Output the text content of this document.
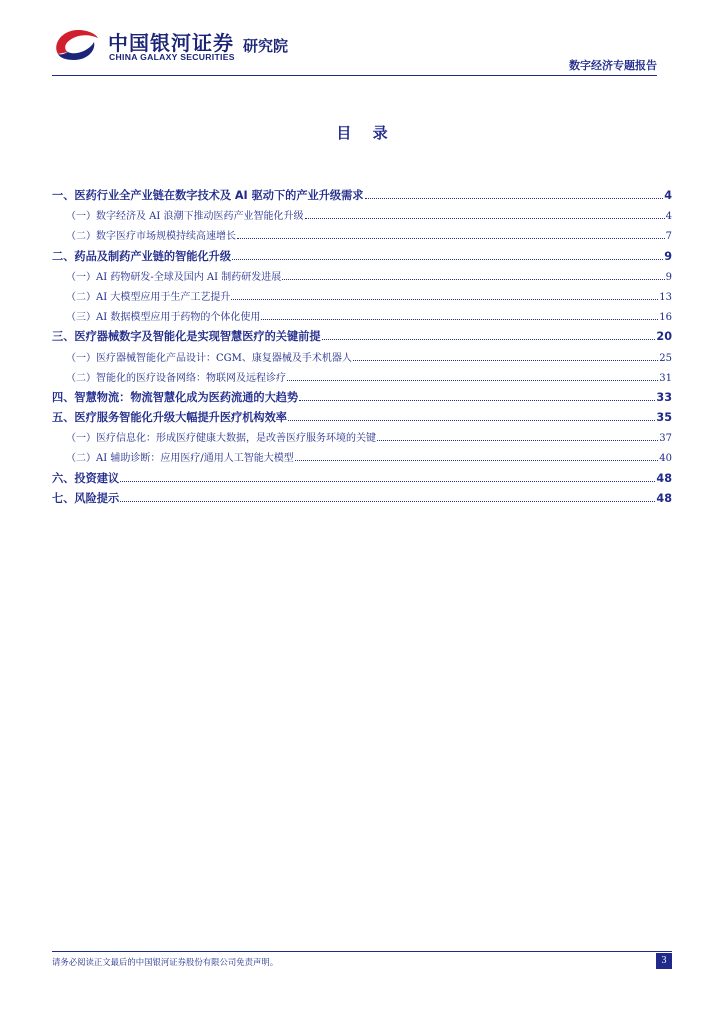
中国银河证券
CHINA GALAXY SECURITIES
研究院
数字经济专题报告
目 录
一、医药行业全产业链在数字技术及 AI 驱动下的产业升级需求	4
（一）数字经济及 AI 浪潮下推动医药产业智能化升级	4
（二）数字医疗市场规模持续高速增长	7
二、药品及制药产业链的智能化升级	9
（一）AI 药物研发-全球及国内 AI 制药研发进展	9
（二）AI 大模型应用于生产工艺提升	13
（三）AI 数据模型应用于药物的个体化使用	16
三、医疗器械数字及智能化是实现智慧医疗的关键前提	20
（一）医疗器械智能化产品设计：CGM、康复器械及手术机器人	25
（二）智能化的医疗设备网络：物联网及远程诊疗	31
四、智慧物流：物流智慧化成为医药流通的大趋势	33
五、医疗服务智能化升级大幅提升医疗机构效率	35
（一）医疗信息化：形成医疗健康大数据，是改善医疗服务环境的关键	37
（二）AI 辅助诊断：应用医疗/通用人工智能大模型	40
六、投资建议	48
七、风险提示	48
请务必阅读正文最后的中国银河证券股份有限公司免责声明。	3
